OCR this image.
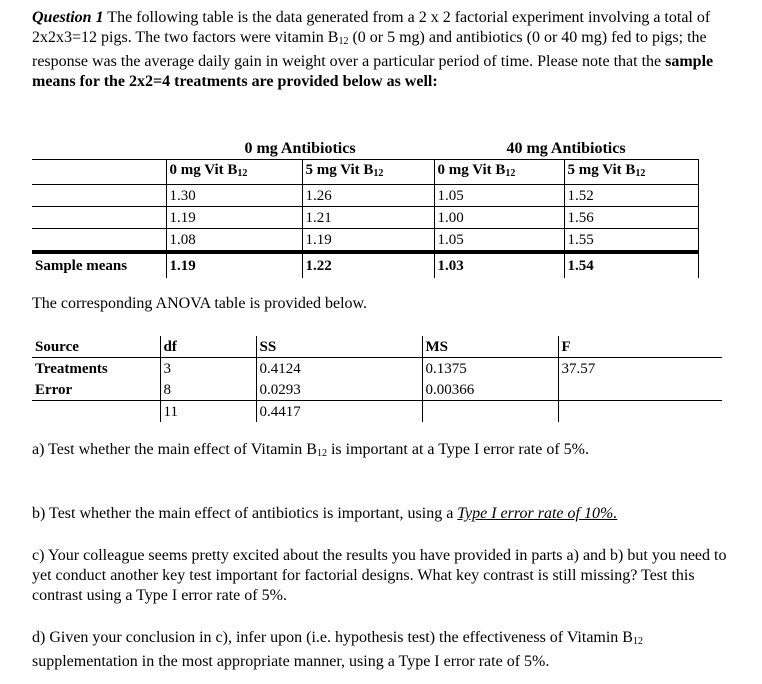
Question 1 The following table is the data generated from a 2 x 2 factorial experiment involving a total of 2x2x3=12 pigs. The two factors were vitamin $B_{12}$ (0 or 5 mg) and antibiotics (0 or 40 mg) fed to pigs; the response was the average daily gain in weight over a particular period of time. Please note that the sample means for the 2x2=4 treatments are provided below as well:

	0 mg Antibiotics		40 mg Antibiotics	
	0 mg Vit $B_{12}$	5 mg Vit $B_{12}$	0 mg Vit $B_{12}$	5 mg Vit $B_{12}$
	1.30	1.26	1.05	1.52
	1.19	1.21	1.00	1.56
	1.08	1.19	1.05	1.55
Sample means	1.19	1.22	1.03	1.54

The corresponding ANOVA table is provided below.

Source	df	SS	MS	F
Treatments	3	0.4124	0.1375	37.57
Error	8	0.0293	0.00366	
	11	0.4417		

a) Test whether the main effect of Vitamin $B_{12}$ is important at a Type I error rate of 5%.

b) Test whether the main effect of antibiotics is important, using a Type I error rate of 10%.

c) Your colleague seems pretty excited about the results you have provided in parts a) and b) but you need to yet conduct another key test important for factorial designs. What key contrast is still missing? Test this contrast using a Type I error rate of 5%.

d) Given your conclusion in c), infer upon (i.e. hypothesis test) the effectiveness of Vitamin $B_{12}$ supplementation in the most appropriate manner, using a Type I error rate of 5%.
